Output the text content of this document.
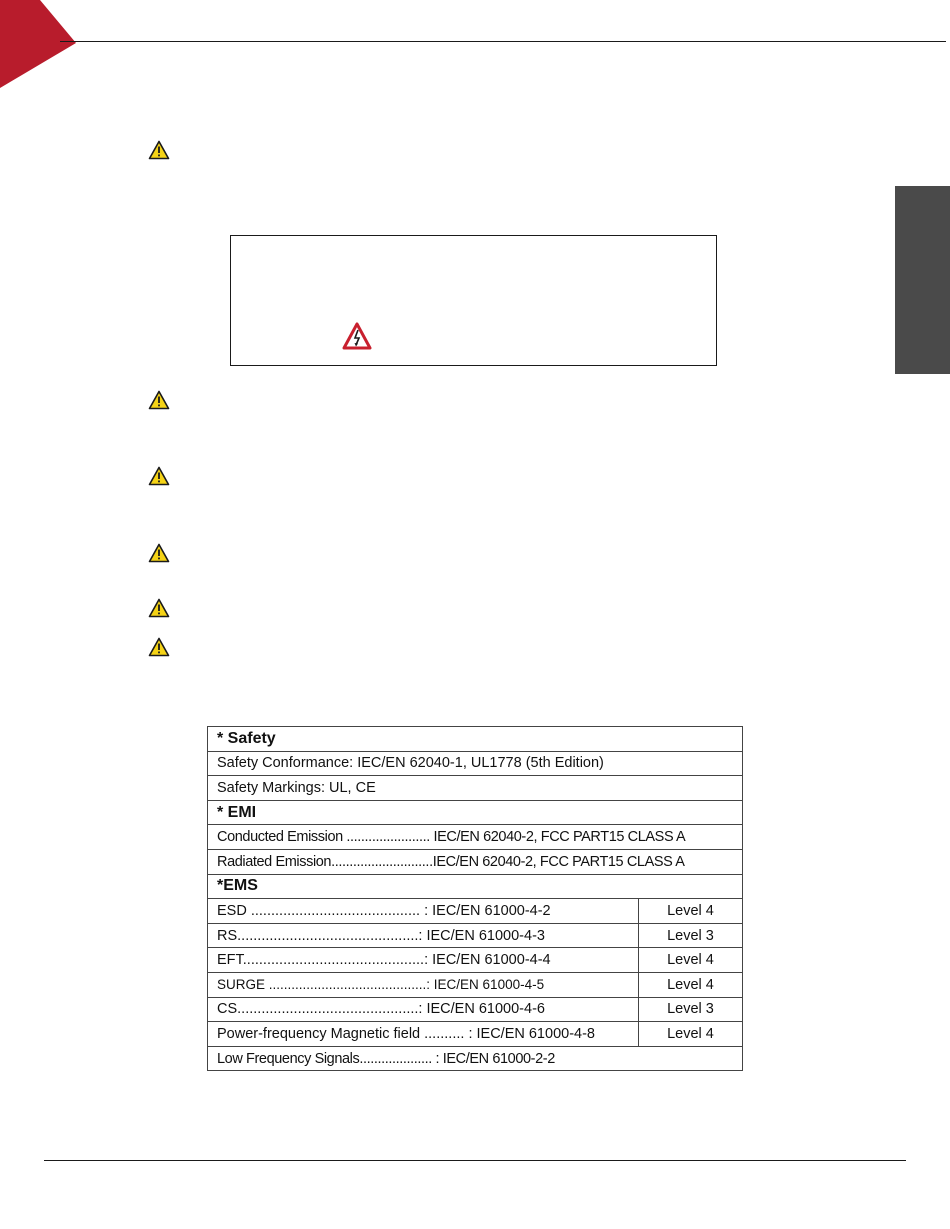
* Safety	
Safety Conformance: IEC/EN 62040-1, UL1778 (5th Edition)	
Safety Markings: UL, CE	
* EMI	
Conducted Emission ....................... IEC/EN 62040-2, FCC PART15 CLASS A	
Radiated Emission............................IEC/EN 62040-2, FCC PART15 CLASS A	
*EMS	
ESD .......................................... : IEC/EN 61000-4-2	Level 4
RS.............................................: IEC/EN 61000-4-3	Level 3
EFT.............................................: IEC/EN 61000-4-4	Level 4
SURGE ..........................................: IEC/EN 61000-4-5	Level 4
CS.............................................: IEC/EN 61000-4-6	Level 3
Power-frequency Magnetic field .......... : IEC/EN 61000-4-8	Level 4
Low Frequency Signals.................... : IEC/EN 61000-2-2	
